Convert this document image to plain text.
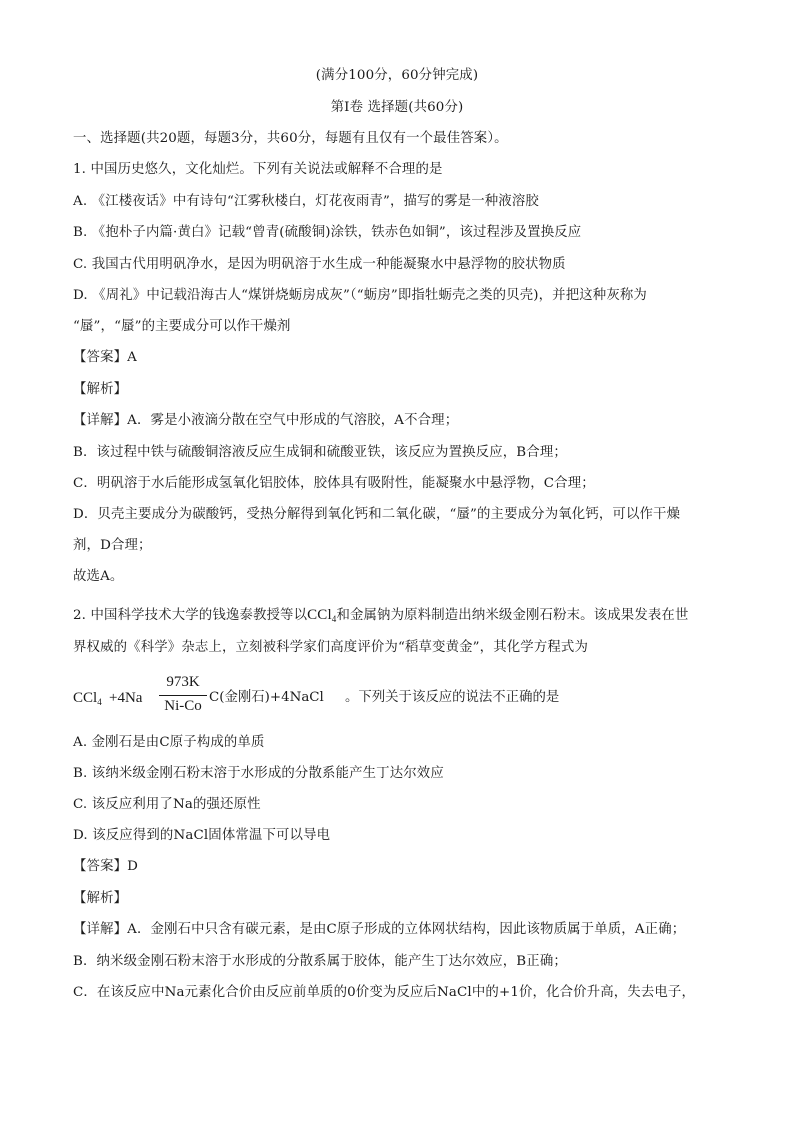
(满分100分，60分钟完成)
第Ⅰ卷 选择题(共60分)
一、选择题(共20题，每题3分，共60分，每题有且仅有一个最佳答案）。
1. 中国历史悠久，文化灿烂。下列有关说法或解释不合理的是
A. 《江楼夜话》中有诗句“江雾秋楼白，灯花夜雨青”，描写的雾是一种液溶胶
B. 《抱朴子内篇·黄白》记载“曾青(硫酸铜)涂铁，铁赤色如铜”，该过程涉及置换反应
C. 我国古代用明矾净水，是因为明矾溶于水生成一种能凝聚水中悬浮物的胶状物质
D. 《周礼》中记载沿海古人“煤饼烧蛎房成灰”（“蛎房”即指牡蛎壳之类的贝壳)，并把这种灰称为
“蜃”，“蜃”的主要成分可以作干燥剂
【答案】A
【解析】
【详解】A．雾是小液滴分散在空气中形成的气溶胶，A不合理；
B．该过程中铁与硫酸铜溶液反应生成铜和硫酸亚铁，该反应为置换反应，B合理；
C．明矾溶于水后能形成氢氧化铝胶体，胶体具有吸附性，能凝聚水中悬浮物，C合理；
D．贝壳主要成分为碳酸钙，受热分解得到氧化钙和二氧化碳，“蜃”的主要成分为氧化钙，可以作干燥
剂，D合理；
故选A。
2. 中国科学技术大学的钱逸泰教授等以CCl$_4$和金属钠为原料制造出纳米级金刚石粉末。该成果发表在世
界权威的《科学》杂志上，立刻被科学家们高度评价为“稻草变黄金”，其化学方程式为
CCl$_4$ +4Na
973K
Ni-Co
C(金刚石)+4NaCl 。下列关于该反应的说法不正确的是
A. 金刚石是由C原子构成的单质
B. 该纳米级金刚石粉末溶于水形成的分散系能产生丁达尔效应
C. 该反应利用了Na的强还原性
D. 该反应得到的NaCl固体常温下可以导电
【答案】D
【解析】
【详解】A．金刚石中只含有碳元素，是由C原子形成的立体网状结构，因此该物质属于单质，A正确；
B．纳米级金刚石粉末溶于水形成的分散系属于胶体，能产生丁达尔效应，B正确；
C．在该反应中Na元素化合价由反应前单质的0价变为反应后NaCl中的+1价，化合价升高，失去电子，
